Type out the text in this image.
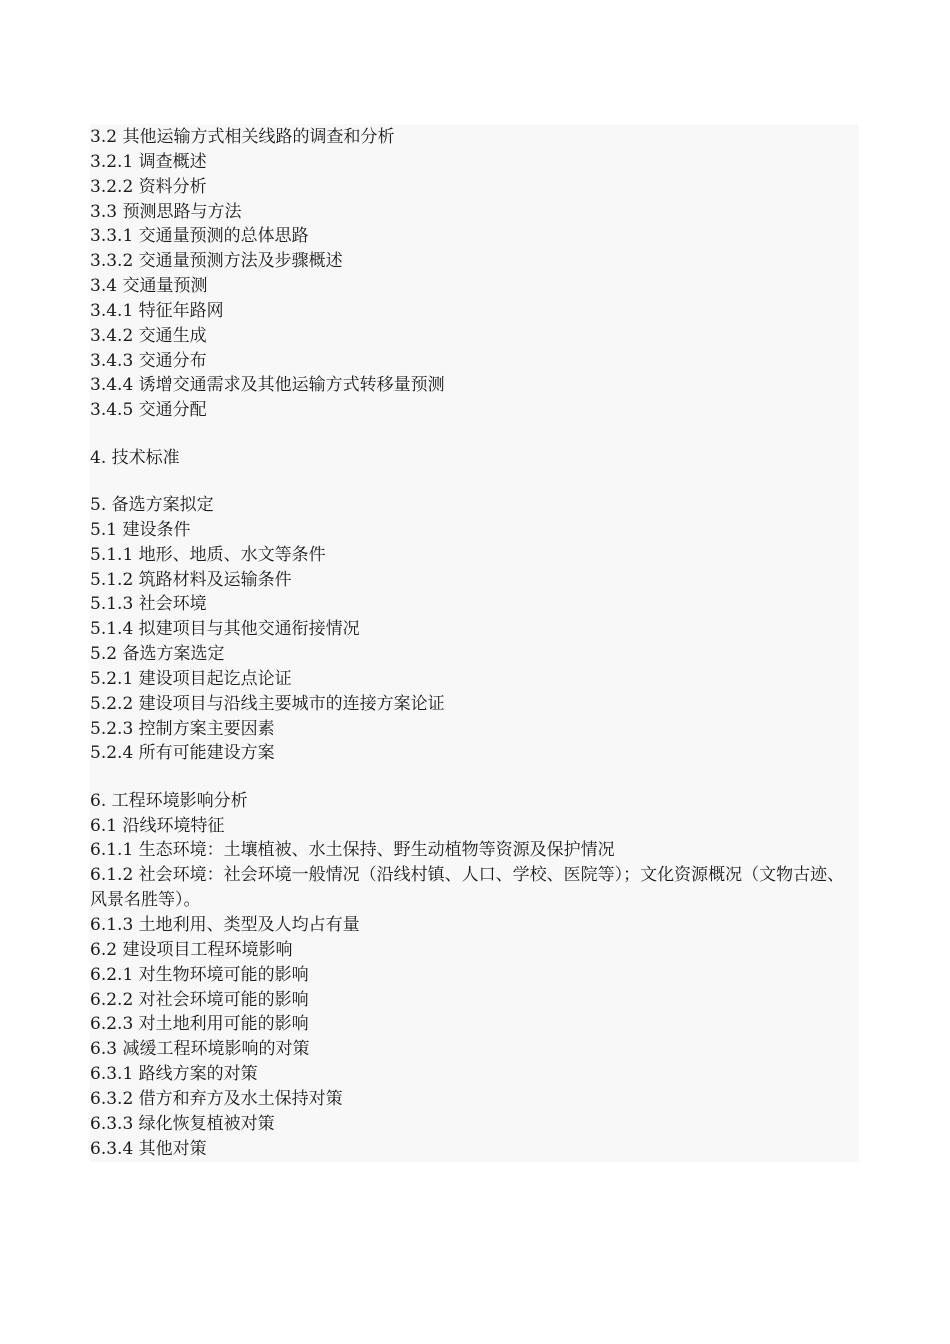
3.2 其他运输方式相关线路的调查和分析
3.2.1 调查概述
3.2.2 资料分析
3.3 预测思路与方法
3.3.1 交通量预测的总体思路
3.3.2 交通量预测方法及步骤概述
3.4 交通量预测
3.4.1 特征年路网
3.4.2 交通生成
3.4.3 交通分布
3.4.4 诱增交通需求及其他运输方式转移量预测
3.4.5 交通分配
4. 技术标准
5. 备选方案拟定
5.1 建设条件
5.1.1 地形、地质、水文等条件
5.1.2 筑路材料及运输条件
5.1.3 社会环境
5.1.4 拟建项目与其他交通衔接情况
5.2 备选方案选定
5.2.1 建设项目起讫点论证
5.2.2 建设项目与沿线主要城市的连接方案论证
5.2.3 控制方案主要因素
5.2.4 所有可能建设方案
6. 工程环境影响分析
6.1 沿线环境特征
6.1.1 生态环境：土壤植被、水土保持、野生动植物等资源及保护情况
6.1.2 社会环境：社会环境一般情况（沿线村镇、人口、学校、医院等）；文化资源概况（文物古迹、风景名胜等）。
6.1.3 土地利用、类型及人均占有量
6.2 建设项目工程环境影响
6.2.1 对生物环境可能的影响
6.2.2 对社会环境可能的影响
6.2.3 对土地利用可能的影响
6.3 减缓工程环境影响的对策
6.3.1 路线方案的对策
6.3.2 借方和弃方及水土保持对策
6.3.3 绿化恢复植被对策
6.3.4 其他对策
